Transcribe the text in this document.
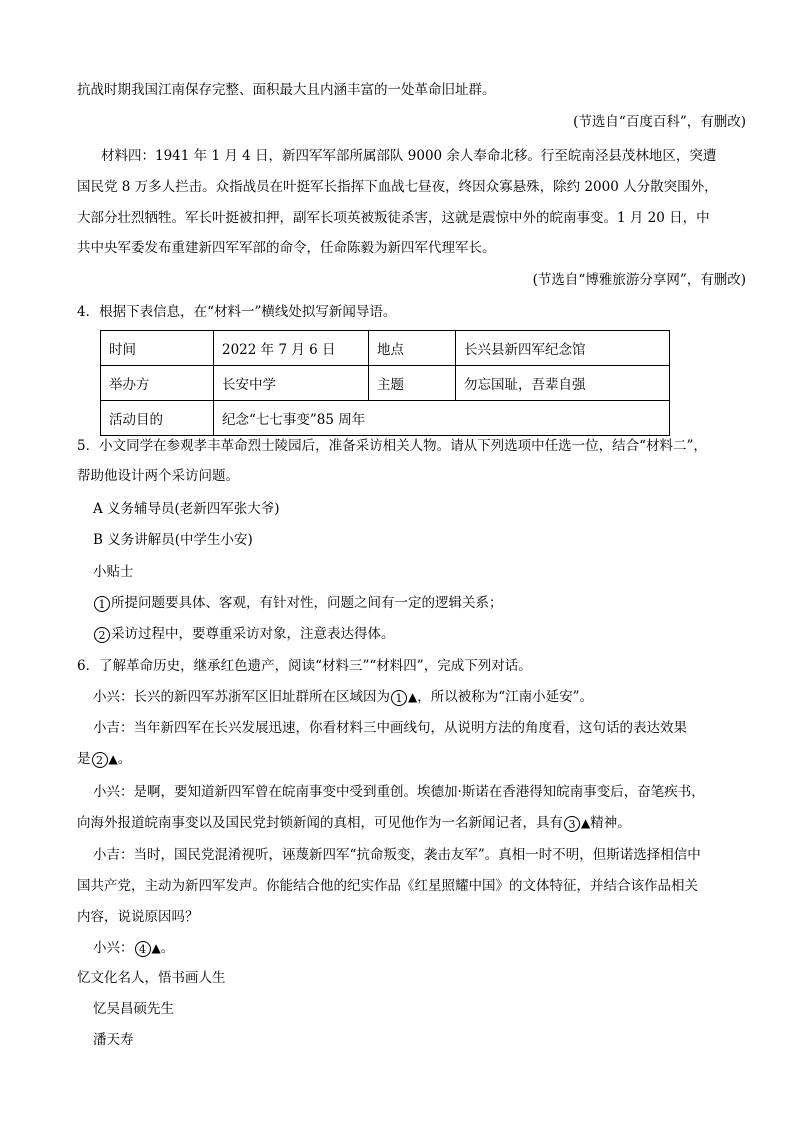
抗战时期我国江南保存完整、面积最大且内涵丰富的一处革命旧址群。
(节选自“百度百科”，有删改)
材料四：1941 年 1 月 4 日，新四军军部所属部队 9000 余人奉命北移。行至皖南泾县茂林地区，突遭
国民党 8 万多人拦击。众指战员在叶挺军长指挥下血战七昼夜，终因众寡悬殊，除约 2000 人分散突围外，
大部分壮烈牺牲。军长叶挺被扣押，副军长项英被叛徒杀害，这就是震惊中外的皖南事变。1 月 20 日，中
共中央军委发布重建新四军军部的命令，任命陈毅为新四军代理军长。
(节选自“博雅旅游分享网”，有删改)
4．根据下表信息，在“材料一”横线处拟写新闻导语。
时间	2022 年 7 月 6 日	地点	长兴县新四军纪念馆
举办方	长安中学	主题	勿忘国耻，吾辈自强
活动目的	纪念“七七事变”85 周年		
5．小文同学在参观孝丰革命烈士陵园后，准备采访相关人物。请从下列选项中任选一位，结合“材料二”，
帮助他设计两个采访问题。
A 义务辅导员(老新四军张大爷)
B 义务讲解员(中学生小安)
小贴士
1 所提问题要具体、客观，有针对性，问题之间有一定的逻辑关系；
2 采访过程中，要尊重采访对象，注意表达得体。
6．了解革命历史，继承红色遗产，阅读“材料三”“材料四”，完成下列对话。
小兴：长兴的新四军苏浙军区旧址群所在区域因为 1 ▲，所以被称为“江南小延安”。
小吉：当年新四军在长兴发展迅速，你看材料三中画线句，从说明方法的角度看，这句话的表达效果
是 2 ▲。
小兴：是啊，要知道新四军曾在皖南事变中受到重创。埃德加·斯诺在香港得知皖南事变后，奋笔疾书，
向海外报道皖南事变以及国民党封锁新闻的真相，可见他作为一名新闻记者，具有 3 ▲精神。
小吉：当时，国民党混淆视听，诬蔑新四军“抗命叛变，袭击友军”。真相一时不明，但斯诺选择相信中
国共产党，主动为新四军发声。你能结合他的纪实作品《红星照耀中国》的文体特征，并结合该作品相关
内容，说说原因吗？
小兴： 4 ▲。
忆文化名人，悟书画人生
忆吴昌硕先生
潘天寿
